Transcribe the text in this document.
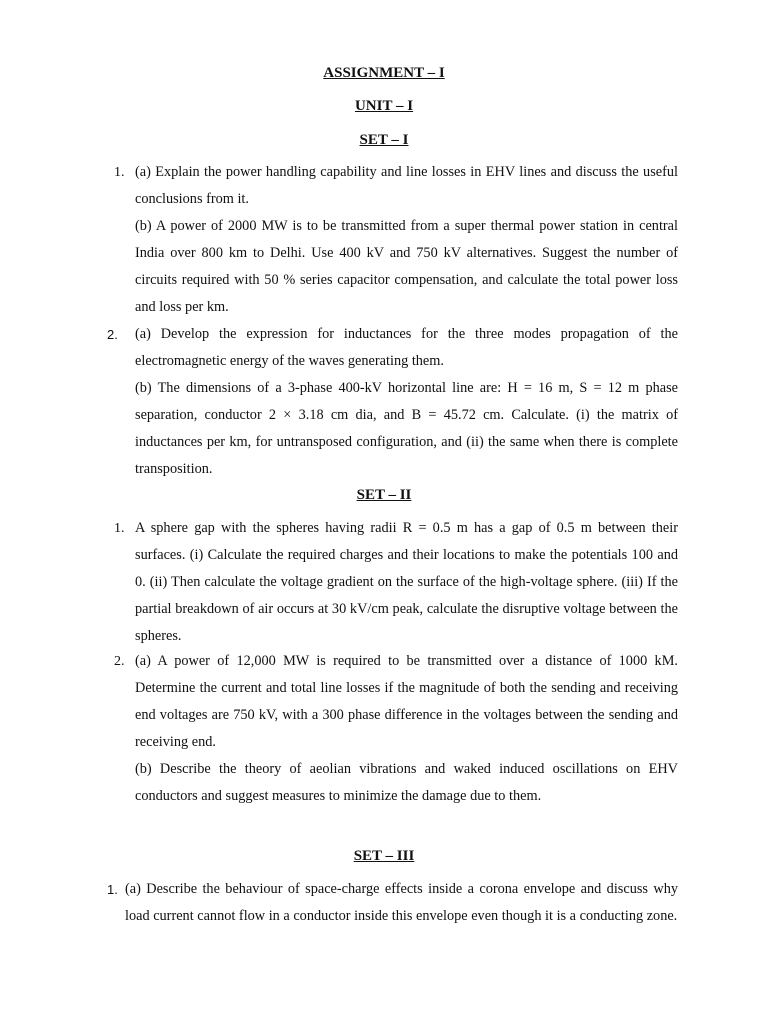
ASSIGNMENT – I
UNIT – I
SET – I
1. (a) Explain the power handling capability and line losses in EHV lines and discuss the useful conclusions from it.
(b) A power of 2000 MW is to be transmitted from a super thermal power station in central India over 800 km to Delhi. Use 400 kV and 750 kV alternatives. Suggest the number of circuits required with 50 % series capacitor compensation, and calculate the total power loss and loss per km.
2. (a) Develop the expression for inductances for the three modes propagation of the electromagnetic energy of the waves generating them.
(b) The dimensions of a 3-phase 400-kV horizontal line are: H = 16 m, S = 12 m phase separation, conductor 2 × 3.18 cm dia, and B = 45.72 cm. Calculate. (i) the matrix of inductances per km, for untransposed configuration, and (ii) the same when there is complete transposition.
SET – II
1. A sphere gap with the spheres having radii R = 0.5 m has a gap of 0.5 m between their surfaces. (i) Calculate the required charges and their locations to make the potentials 100 and 0. (ii) Then calculate the voltage gradient on the surface of the high-voltage sphere. (iii) If the partial breakdown of air occurs at 30 kV/cm peak, calculate the disruptive voltage between the spheres.
2. (a) A power of 12,000 MW is required to be transmitted over a distance of 1000 kM. Determine the current and total line losses if the magnitude of both the sending and receiving end voltages are 750 kV, with a 300 phase difference in the voltages between the sending and receiving end.
(b) Describe the theory of aeolian vibrations and waked induced oscillations on EHV conductors and suggest measures to minimize the damage due to them.
SET – III
1. (a) Describe the behaviour of space-charge effects inside a corona envelope and discuss why load current cannot flow in a conductor inside this envelope even though it is a conducting zone.
